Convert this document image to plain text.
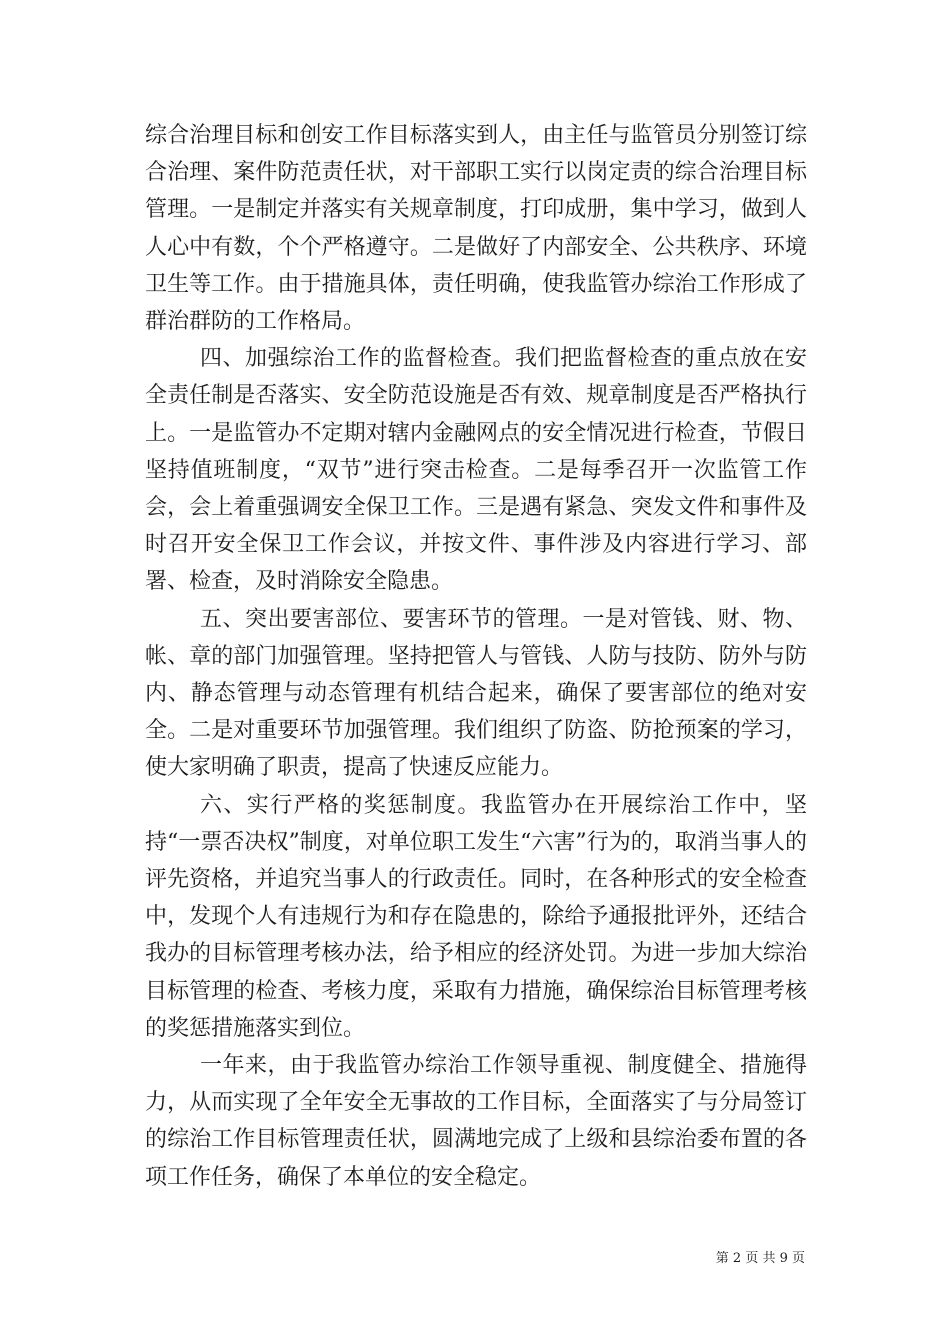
综合治理目标和创安工作目标落实到人，由主任与监管员分别签订综合治理、案件防范责任状，对干部职工实行以岗定责的综合治理目标管理。一是制定并落实有关规章制度，打印成册，集中学习，做到人人心中有数，个个严格遵守。二是做好了内部安全、公共秩序、环境卫生等工作。由于措施具体，责任明确，使我监管办综治工作形成了群治群防的工作格局。

四、加强综治工作的监督检查。我们把监督检查的重点放在安全责任制是否落实、安全防范设施是否有效、规章制度是否严格执行上。一是监管办不定期对辖内金融网点的安全情况进行检查，节假日坚持值班制度，“双节”进行突击检查。二是每季召开一次监管工作会，会上着重强调安全保卫工作。三是遇有紧急、突发文件和事件及时召开安全保卫工作会议，并按文件、事件涉及内容进行学习、部署、检查，及时消除安全隐患。

五、突出要害部位、要害环节的管理。一是对管钱、财、物、帐、章的部门加强管理。坚持把管人与管钱、人防与技防、防外与防内、静态管理与动态管理有机结合起来，确保了要害部位的绝对安全。二是对重要环节加强管理。我们组织了防盗、防抢预案的学习，使大家明确了职责，提高了快速反应能力。

六、实行严格的奖惩制度。我监管办在开展综治工作中，坚持“一票否决权”制度，对单位职工发生“六害”行为的，取消当事人的评先资格，并追究当事人的行政责任。同时，在各种形式的安全检查中，发现个人有违规行为和存在隐患的，除给予通报批评外，还结合我办的目标管理考核办法，给予相应的经济处罚。为进一步加大综治目标管理的检查、考核力度，采取有力措施，确保综治目标管理考核的奖惩措施落实到位。

一年来，由于我监管办综治工作领导重视、制度健全、措施得力，从而实现了全年安全无事故的工作目标，全面落实了与分局签订的综治工作目标管理责任状，圆满地完成了上级和县综治委布置的各项工作任务，确保了本单位的安全稳定。

第 2 页 共 9 页
